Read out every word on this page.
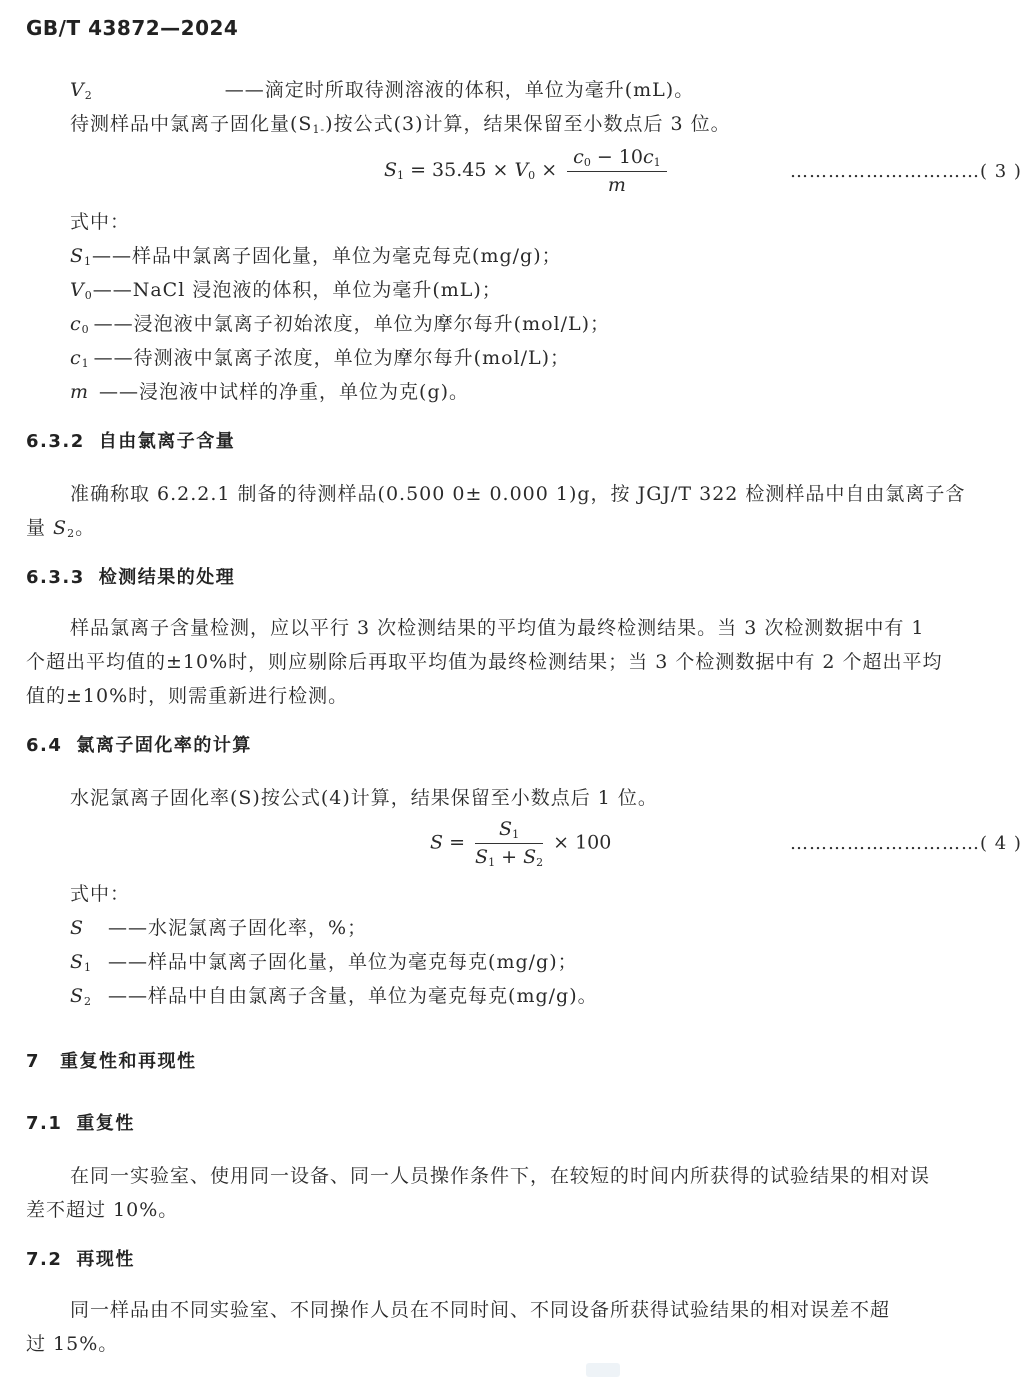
GB/T 43872—2024
$V_2$	——滴定时所取待测溶液的体积，单位为毫升(mL)。
待测样品中氯离子固化量$(S_{1-})$按公式(3)计算，结果保留至小数点后 3 位。
$S_1 = 35.45 \times V_0 \times \frac{c_0 - 10c_1}{m}$	…………………………( 3 )
式中：
$S_1——$样品中氯离子固化量，单位为毫克每克(mg/g)；
$V_0——NaCl$ 浸泡液的体积，单位为毫升(mL)；
$c_0$ ——浸泡液中氯离子初始浓度，单位为摩尔每升(mol/L)；
$c_1$ ——待测液中氯离子浓度，单位为摩尔每升(mol/L)；
m ——浸泡液中试样的净重，单位为克(g)。
6.3.2 自由氯离子含量
准确称取 6.2.2.1 制备的待测样品(0.500 0± 0.000 1)g，按 JGJ/T 322 检测样品中自由氯离子含
量 $S_2$。
6.3.3 检测结果的处理
样品氯离子含量检测，应以平行 3 次检测结果的平均值为最终检测结果。当 3 次检测数据中有 1
个超出平均值的±10%时，则应剔除后再取平均值为最终检测结果；当 3 个检测数据中有 2 个超出平均
值的±10%时，则需重新进行检测。
6.4 氯离子固化率的计算
水泥氯离子固化率(S)按公式(4)计算，结果保留至小数点后 1 位。
$S = \frac{S_1}{S_1 + S_2} \times 100$	…………………………( 4 )
式中：
S ——水泥氯离子固化率，%；
$S_1$ ——样品中氯离子固化量，单位为毫克每克(mg/g)；
$S_2$ ——样品中自由氯离子含量，单位为毫克每克(mg/g)。
7 重复性和再现性
7.1 重复性
在同一实验室、使用同一设备、同一人员操作条件下，在较短的时间内所获得的试验结果的相对误
差不超过 10%。
7.2 再现性
同一样品由不同实验室、不同操作人员在不同时间、不同设备所获得试验结果的相对误差不超
过 15%。
